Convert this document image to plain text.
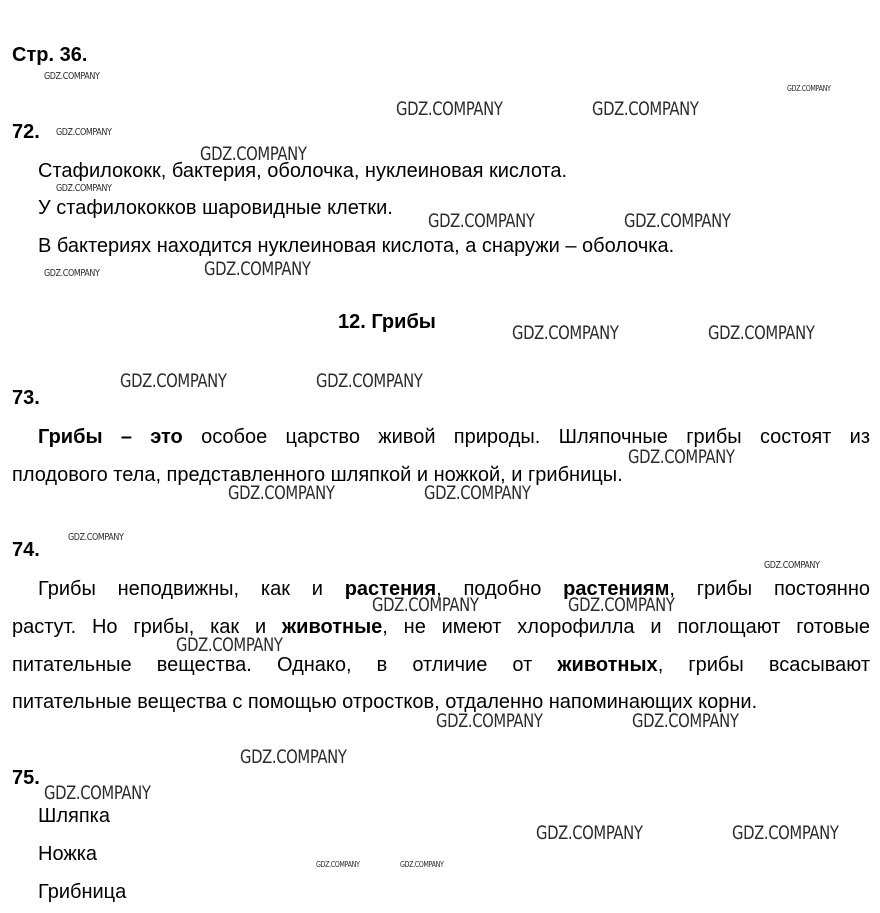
Стр. 36.
72.
Стафилококк, бактерия, оболочка, нуклеиновая кислота.
У стафилококков шаровидные клетки.
В бактериях находится нуклеиновая кислота, а снаружи – оболочка.
12. Грибы
73.
Грибы – это особое царство живой природы. Шляпочные грибы состоят из
плодового тела, представленного шляпкой и ножкой, и грибницы.
74.
Грибы неподвижны, как и растения, подобно растениям, грибы постоянно
растут. Но грибы, как и животные, не имеют хлорофилла и поглощают готовые
питательные вещества. Однако, в отличие от животных, грибы всасывают
питательные вещества с помощью отростков, отдаленно напоминающих корни.
75.
Шляпка
Ножка
Грибница
GDZ.COMPANY
GDZ.COMPANY
GDZ.COMPANY	GDZ.COMPANY
GDZ.COMPANY
GDZ.COMPANY
GDZ.COMPANY
GDZ.COMPANY	GDZ.COMPANY
GDZ.COMPANY
GDZ.COMPANY
GDZ.COMPANY	GDZ.COMPANY
GDZ.COMPANY	GDZ.COMPANY
GDZ.COMPANY
GDZ.COMPANY	GDZ.COMPANY
GDZ.COMPANY
GDZ.COMPANY
GDZ.COMPANY	GDZ.COMPANY
GDZ.COMPANY
GDZ.COMPANY	GDZ.COMPANY
GDZ.COMPANY
GDZ.COMPANY
GDZ.COMPANY	GDZ.COMPANY
GDZ.COMPANY	GDZ.COMPANY
